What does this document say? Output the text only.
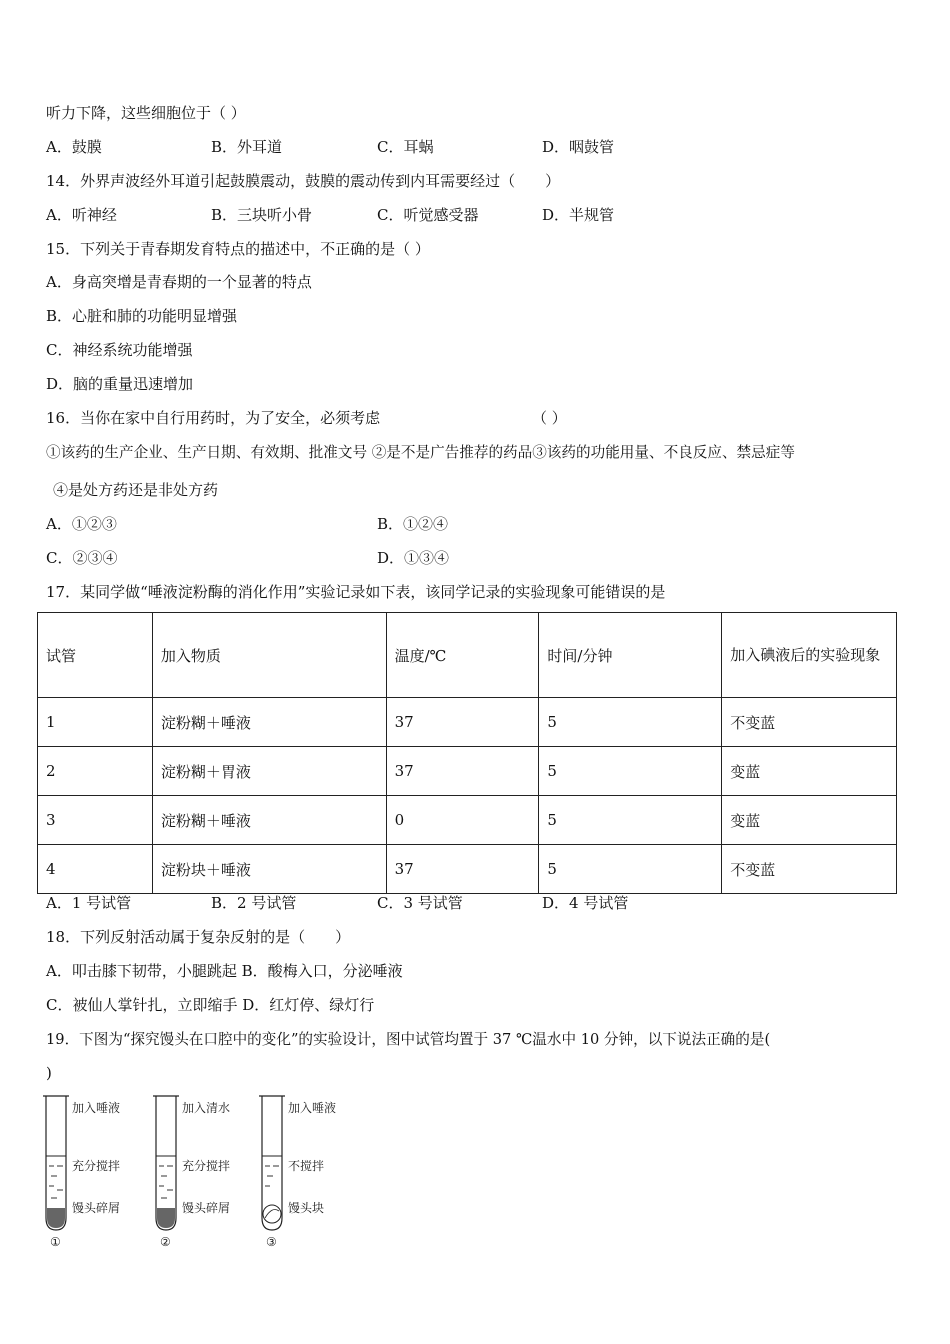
听力下降，这些细胞位于（ ）
A．鼓膜	B．外耳道	C．耳蜗	D．咽鼓管
14．外界声波经外耳道引起鼓膜震动，鼓膜的震动传到内耳需要经过（　　）
A．听神经	B．三块听小骨	C．听觉感受器	D．半规管
15．下列关于青春期发育特点的描述中，不正确的是（ ）
A．身高突增是青春期的一个显著的特点
B．心脏和肺的功能明显增强
C．神经系统功能增强
D．脑的重量迅速增加
16．当你在家中自行用药时，为了安全，必须考虑	（ ）
①该药的生产企业、生产日期、有效期、批准文号 ②是不是广告推荐的药品③该药的功能用量、不良反应、禁忌症等
④是处方药还是非处方药
A．①②③	B．①②④
C．②③④	D．①③④
17．某同学做“唾液淀粉酶的消化作用”实验记录如下表，该同学记录的实验现象可能错误的是
试管	加入物质	温度/℃	时间/分钟	加入碘液后的实验现象
1	淀粉糊＋唾液	37	5	不变蓝
2	淀粉糊＋胃液	37	5	变蓝
3	淀粉糊＋唾液	0	5	变蓝
4	淀粉块＋唾液	37	5	不变蓝
A．1 号试管	B．2 号试管	C．3 号试管	D．4 号试管
18．下列反射活动属于复杂反射的是（　　）
A．叩击膝下韧带，小腿跳起 B．酸梅入口，分泌唾液
C．被仙人掌针扎，立即缩手 D．红灯停、绿灯行
19．下图为“探究馒头在口腔中的变化”的实验设计，图中试管均置于 37 ℃温水中 10 分钟，以下说法正确的是(
)
加入唾液
充分搅拌
馒头碎屑
①
加入清水
充分搅拌
馒头碎屑
②
加入唾液
不搅拌
馒头块
③
